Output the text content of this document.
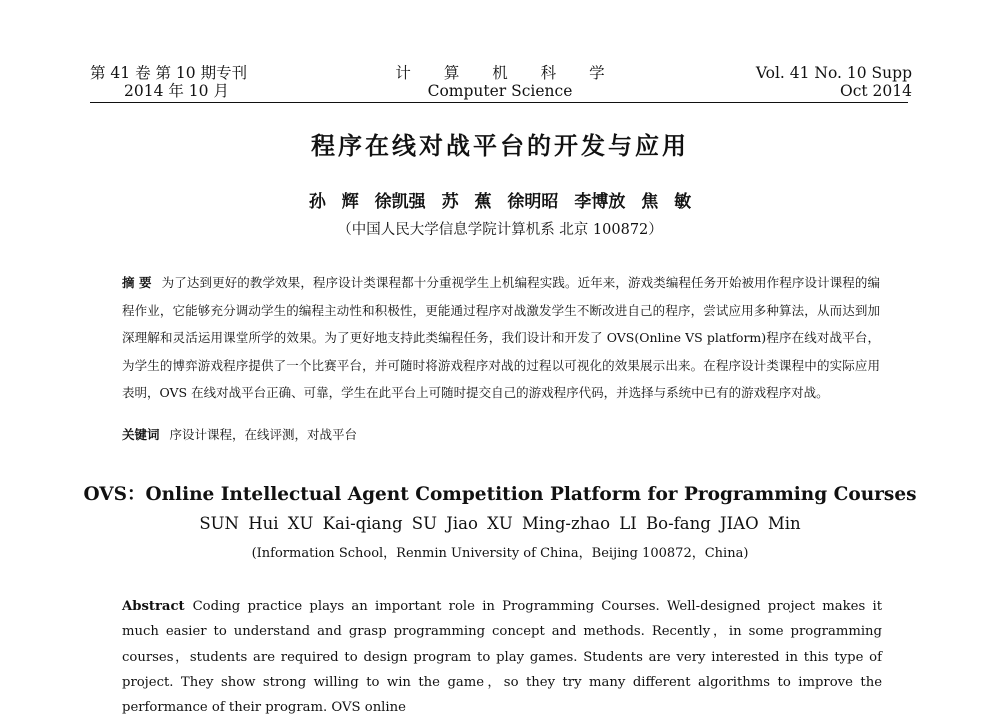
第 41 卷 第 10 期专刊
2014 年 10 月
计 算 机 科 学
Computer Science
Vol. 41 No. 10 Supp
Oct 2014
程序在线对战平台的开发与应用
孙 辉 徐凯强 苏 蕉 徐明昭 李博放 焦 敏
（中国人民大学信息学院计算机系 北京 100872）
摘 要 为了达到更好的教学效果，程序设计类课程都十分重视学生上机编程实践。近年来，游戏类编程任务开始被用作程序设计课程的编程作业，它能够充分调动学生的编程主动性和积极性，更能通过程序对战激发学生不断改进自己的程序，尝试应用多种算法，从而达到加深理解和灵活运用课堂所学的效果。为了更好地支持此类编程任务，我们设计和开发了 OVS(Online VS platform)程序在线对战平台，为学生的博弈游戏程序提供了一个比赛平台，并可随时将游戏程序对战的过程以可视化的效果展示出来。在程序设计类课程中的实际应用表明，OVS 在线对战平台正确、可靠，学生在此平台上可随时提交自己的游戏程序代码，并选择与系统中已有的游戏程序对战。
关键词 序设计课程，在线评测，对战平台
OVS：Online Intellectual Agent Competition Platform for Programming Courses
SUN Hui XU Kai-qiang SU Jiao XU Ming-zhao LI Bo-fang JIAO Min
(Information School，Renmin University of China，Beijing 100872，China)
Abstract Coding practice plays an important role in Programming Courses. Well-designed project makes it much easier to understand and grasp programming concept and methods. Recently，in some programming courses，students are required to design program to play games. Students are very interested in this type of project. They show strong willing to win the game，so they try many different algorithms to improve the performance of their program. OVS online
